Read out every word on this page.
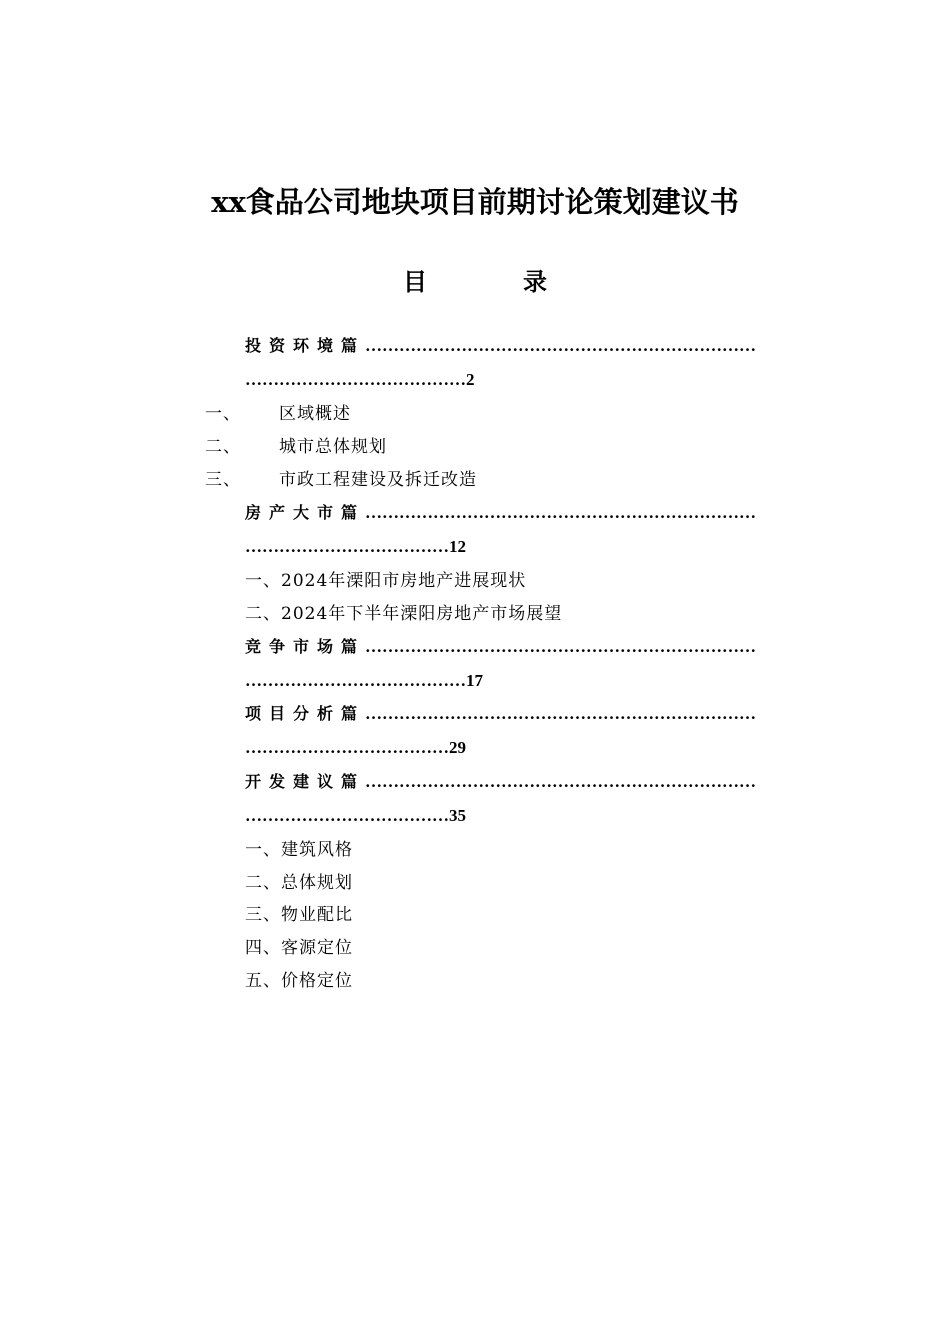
xx食品公司地块项目前期讨论策划建议书
目	录
投资环境篇……………………………………………………………
…………………………………2
一、 区域概述
二、 城市总体规划
三、 市政工程建设及拆迁改造
房产大市篇……………………………………………………………
………………………………12
一、2024年溧阳市房地产进展现状
二、2024年下半年溧阳房地产市场展望
竞争市场篇……………………………………………………………
…………………………………17
项目分析篇……………………………………………………………
………………………………29
开发建议篇……………………………………………………………
………………………………35
一、建筑风格
二、总体规划
三、物业配比
四、客源定位
五、价格定位
